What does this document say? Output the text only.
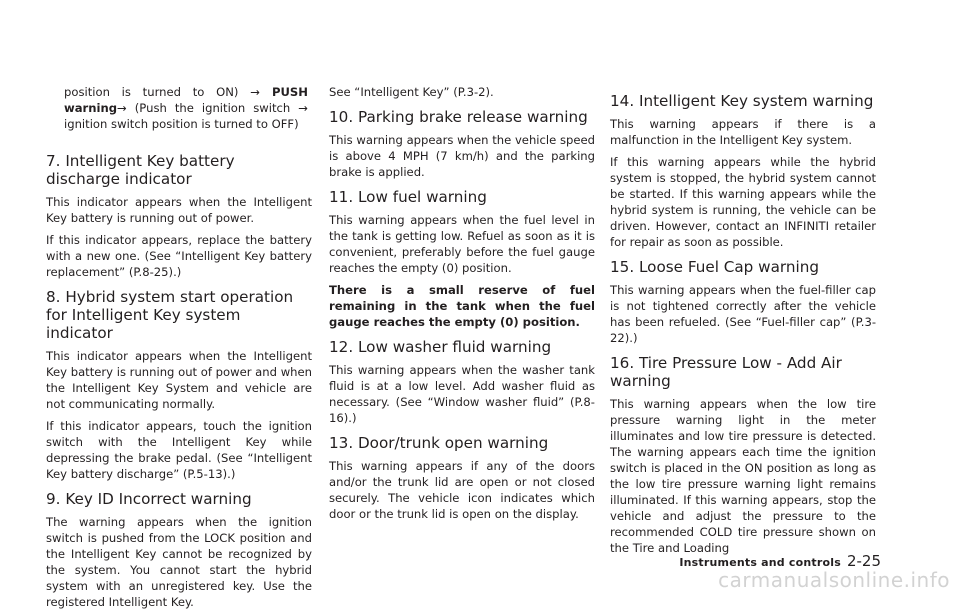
position is turned to ON) → PUSH warning→ (Push the ignition switch → ignition switch position is turned to OFF)
7. Intelligent Key battery discharge indicator

This indicator appears when the Intelligent Key battery is running out of power.

If this indicator appears, replace the battery with a new one. (See “Intelligent Key battery replacement” (P.8-25).)

8. Hybrid system start operation for Intelligent Key system indicator

This indicator appears when the Intelligent Key battery is running out of power and when the Intelligent Key System and vehicle are not communicating normally.

If this indicator appears, touch the ignition switch with the Intelligent Key while depressing the brake pedal. (See “Intelligent Key battery discharge” (P.5-13).)

9. Key ID Incorrect warning

The warning appears when the ignition switch is pushed from the LOCK position and the Intelligent Key cannot be recognized by the system. You cannot start the hybrid system with an unregistered key. Use the registered Intelligent Key.

See “Intelligent Key” (P.3-2).

10. Parking brake release warning

This warning appears when the vehicle speed is above 4 MPH (7 km/h) and the parking brake is applied.

11. Low fuel warning

This warning appears when the fuel level in the tank is getting low. Refuel as soon as it is convenient, preferably before the fuel gauge reaches the empty (0) position.

There is a small reserve of fuel remaining in the tank when the fuel gauge reaches the empty (0) position.

12. Low washer fluid warning

This warning appears when the washer tank fluid is at a low level. Add washer fluid as necessary. (See “Window washer fluid” (P.8-16).)

13. Door/trunk open warning

This warning appears if any of the doors and/or the trunk lid are open or not closed securely. The vehicle icon indicates which door or the trunk lid is open on the display.

14. Intelligent Key system warning

This warning appears if there is a malfunction in the Intelligent Key system.

If this warning appears while the hybrid system is stopped, the hybrid system cannot be started. If this warning appears while the hybrid system is running, the vehicle can be driven. However, contact an INFINITI retailer for repair as soon as possible.

15. Loose Fuel Cap warning

This warning appears when the fuel-filler cap is not tightened correctly after the vehicle has been refueled. (See “Fuel-filler cap” (P.3-22).)

16. Tire Pressure Low - Add Air warning

This warning appears when the low tire pressure warning light in the meter illuminates and low tire pressure is detected. The warning appears each time the ignition switch is placed in the ON position as long as the low tire pressure warning light remains illuminated. If this warning appears, stop the vehicle and adjust the pressure to the recommended COLD tire pressure shown on the Tire and Loading

Instruments and controls 2-25
carmanualsonline.info
